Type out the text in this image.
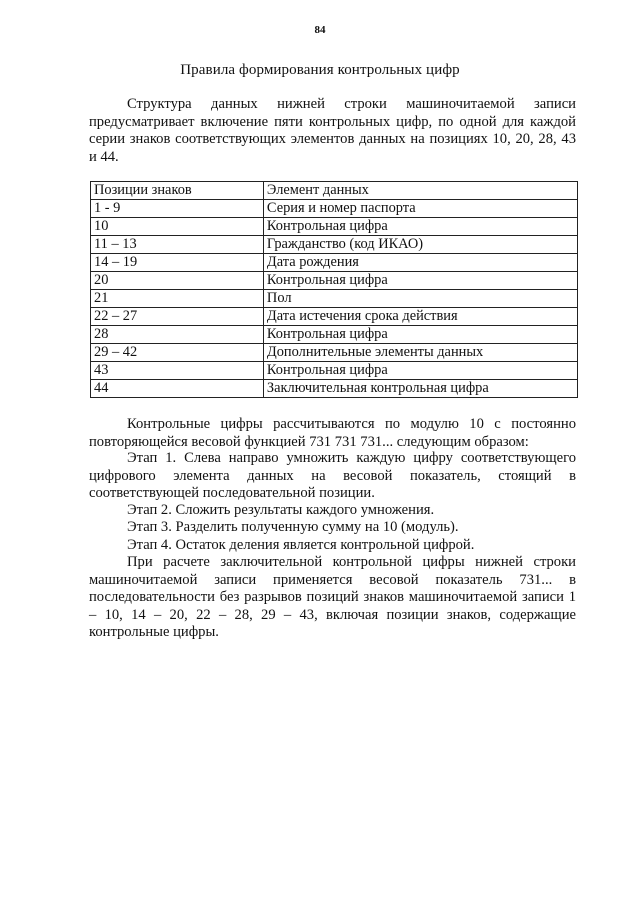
84
Правила формирования контрольных цифр

Структура данных нижней строки машиночитаемой записи предусматривает включение пяти контрольных цифр, по одной для каждой серии знаков соответствующих элементов данных на позициях 10, 20, 28, 43 и 44.

Позиции знаков	Элемент данных
1 - 9	Серия и номер паспорта
10	Контрольная цифра
11 – 13	Гражданство (код ИКАО)
14 – 19	Дата рождения
20	Контрольная цифра
21	Пол
22 – 27	Дата истечения срока действия
28	Контрольная цифра
29 – 42	Дополнительные элементы данных
43	Контрольная цифра
44	Заключительная контрольная цифра

Контрольные цифры рассчитываются по модулю 10 с постоянно повторяющейся весовой функцией 731 731 731... следующим образом:

Этап 1. Слева направо умножить каждую цифру соответствующего цифрового элемента данных на весовой показатель, стоящий в соответствующей последовательной позиции.

Этап 2. Сложить результаты каждого умножения.

Этап 3. Разделить полученную сумму на 10 (модуль).

Этап 4. Остаток деления является контрольной цифрой.

При расчете заключительной контрольной цифры нижней строки машиночитаемой записи применяется весовой показатель 731... в последовательности без разрывов позиций знаков машиночитаемой записи 1 – 10, 14 – 20, 22 – 28, 29 – 43, включая позиции знаков, содержащие контрольные цифры.
